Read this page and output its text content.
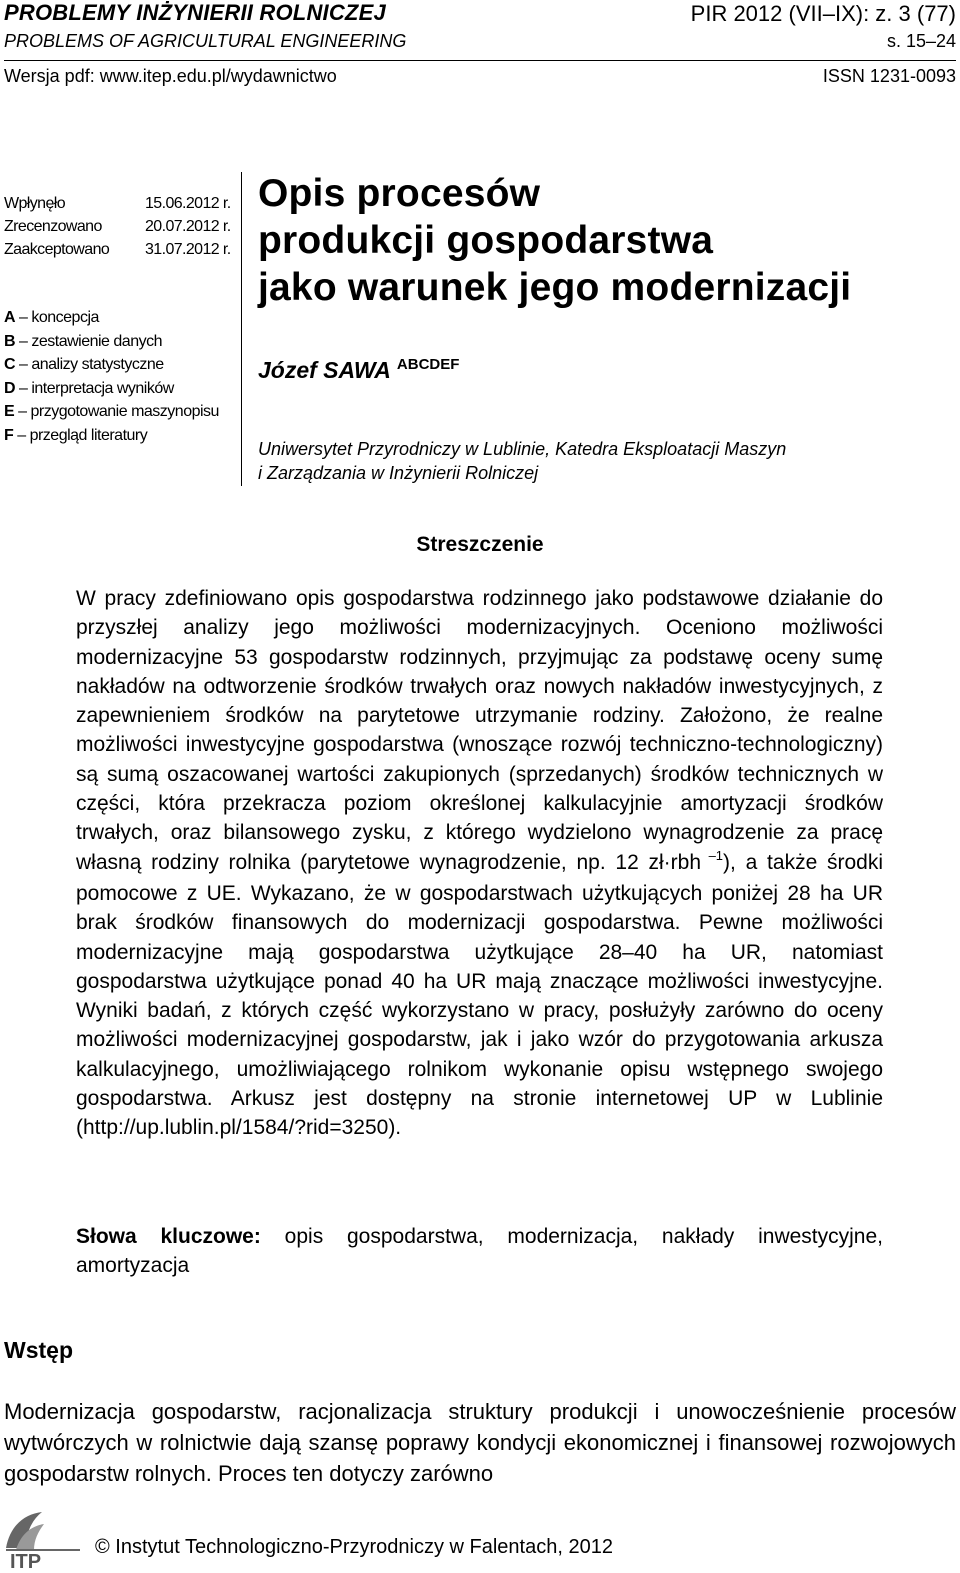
PROBLEMY INŻYNIERII ROLNICZEJ
PROBLEMS OF AGRICULTURAL ENGINEERING
PIR 2012 (VII–IX): z. 3 (77)
s. 15–24
Wersja pdf: www.itep.edu.pl/wydawnictwo	ISSN 1231-0093
Wpłynęło	15.06.2012 r.
Zrecenzowano	20.07.2012 r.
Zaakceptowano	31.07.2012 r.
A – koncepcja
B – zestawienie danych
C – analizy statystyczne
D – interpretacja wyników
E – przygotowanie maszynopisu
F – przegląd literatury
Opis procesów
produkcji gospodarstwa
jako warunek jego modernizacji
Józef SAWA $^{ABCDEF}$
Uniwersytet Przyrodniczy w Lublinie, Katedra Eksploatacji Maszyn
i Zarządzania w Inżynierii Rolniczej
Streszczenie
W pracy zdefiniowano opis gospodarstwa rodzinnego jako podstawowe działanie do przyszłej analizy jego możliwości modernizacyjnych. Oceniono możliwości modernizacyjne 53 gospodarstw rodzinnych, przyjmując za podstawę oceny sumę nakładów na odtworzenie środków trwałych oraz nowych nakładów inwestycyjnych, z zapewnieniem środków na parytetowe utrzymanie rodziny. Założono, że realne możliwości inwestycyjne gospodarstwa (wnoszące rozwój techniczno-technologiczny) są sumą oszacowanej wartości zakupionych (sprzedanych) środków technicznych w części, która przekracza poziom określonej kalkulacyjnie amortyzacji środków trwałych, oraz bilansowego zysku, z którego wydzielono wynagrodzenie za pracę własną rodziny rolnika (parytetowe wynagrodzenie, np. 12 zł·rbh $^{-1}$), a także środki pomocowe z UE. Wykazano, że w gospodarstwach użytkujących poniżej 28 ha UR brak środków finansowych do modernizacji gospodarstwa. Pewne możliwości modernizacyjne mają gospodarstwa użytkujące 28–40 ha UR, natomiast gospodarstwa użytkujące ponad 40 ha UR mają znaczące możliwości inwestycyjne. Wyniki badań, z których część wykorzystano w pracy, posłużyły zarówno do oceny możliwości modernizacyjnej gospodarstw, jak i jako wzór do przygotowania arkusza kalkulacyjnego, umożliwiającego rolnikom wykonanie opisu wstępnego swojego gospodarstwa. Arkusz jest dostępny na stronie internetowej UP w Lublinie (http://up.lublin.pl/1584/?rid=3250).
Słowa kluczowe: opis gospodarstwa, modernizacja, nakłady inwestycyjne, amortyzacja
Wstęp
Modernizacja gospodarstw, racjonalizacja struktury produkcji i unowocześnienie procesów wytwórczych w rolnictwie dają szansę poprawy kondycji ekonomicznej i finansowej rozwojowych gospodarstw rolnych. Proces ten dotyczy zarówno
ITP
© Instytut Technologiczno-Przyrodniczy w Falentach, 2012
